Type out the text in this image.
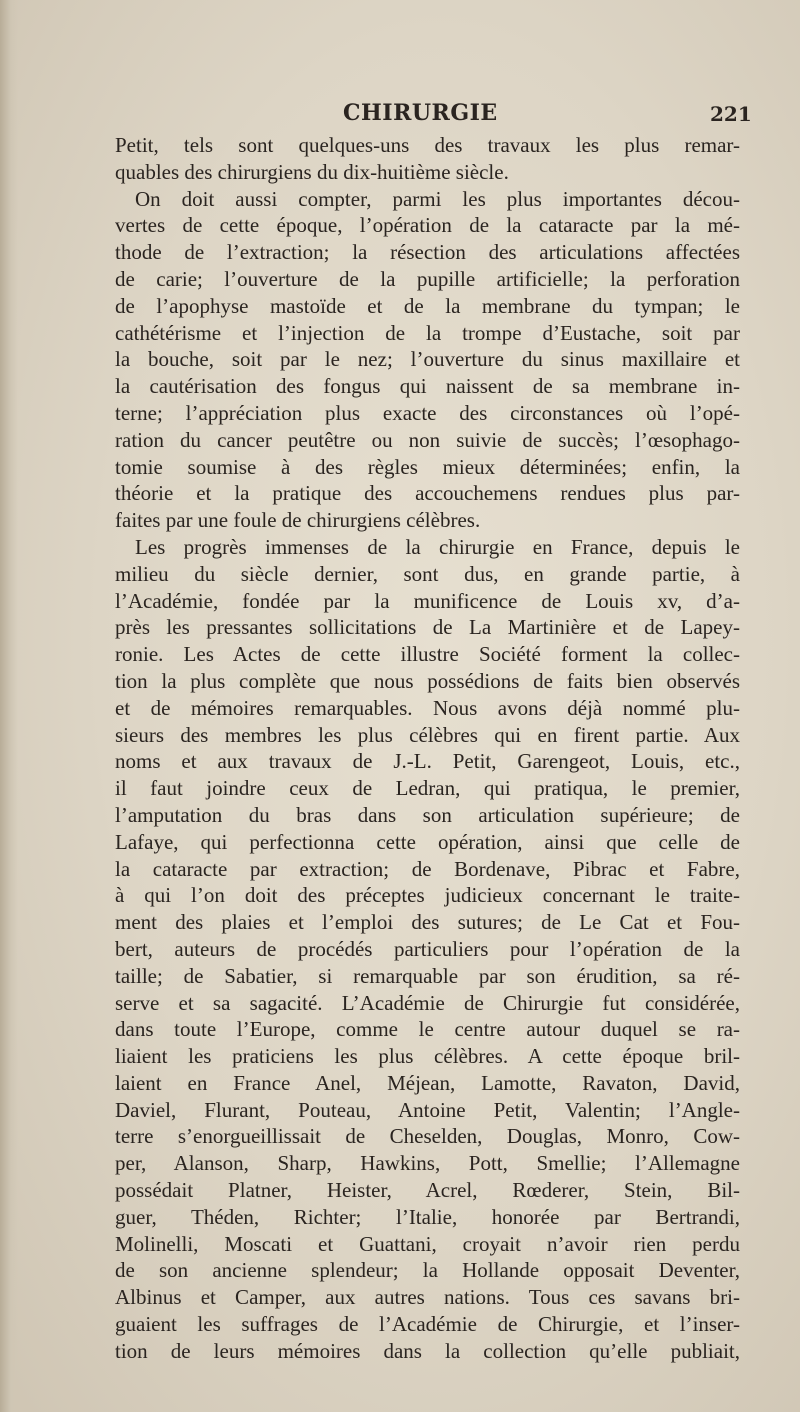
CHIRURGIE	221
Petit, tels sont quelques-uns des travaux les plus remar-
quables des chirurgiens du dix-huitième siècle.
On doit aussi compter, parmi les plus importantes décou-
vertes de cette époque, l’opération de la cataracte par la mé-
thode de l’extraction; la résection des articulations affectées
de carie; l’ouverture de la pupille artificielle; la perforation
de l’apophyse mastoïde et de la membrane du tympan; le
cathétérisme et l’injection de la trompe d’Eustache, soit par
la bouche, soit par le nez; l’ouverture du sinus maxillaire et
la cautérisation des fongus qui naissent de sa membrane in-
terne; l’appréciation plus exacte des circonstances où l’opé-
ration du cancer peutêtre ou non suivie de succès; l’œsophago-
tomie soumise à des règles mieux déterminées; enfin, la
théorie et la pratique des accouchemens rendues plus par-
faites par une foule de chirurgiens célèbres.
Les progrès immenses de la chirurgie en France, depuis le
milieu du siècle dernier, sont dus, en grande partie, à
l’Académie, fondée par la munificence de Louis xv, d’a-
près les pressantes sollicitations de La Martinière et de Lapey-
ronie. Les Actes de cette illustre Société forment la collec-
tion la plus complète que nous possédions de faits bien observés
et de mémoires remarquables. Nous avons déjà nommé plu-
sieurs des membres les plus célèbres qui en firent partie. Aux
noms et aux travaux de J.-L. Petit, Garengeot, Louis, etc.,
il faut joindre ceux de Ledran, qui pratiqua, le premier,
l’amputation du bras dans son articulation supérieure; de
Lafaye, qui perfectionna cette opération, ainsi que celle de
la cataracte par extraction; de Bordenave, Pibrac et Fabre,
à qui l’on doit des préceptes judicieux concernant le traite-
ment des plaies et l’emploi des sutures; de Le Cat et Fou-
bert, auteurs de procédés particuliers pour l’opération de la
taille; de Sabatier, si remarquable par son érudition, sa ré-
serve et sa sagacité. L’Académie de Chirurgie fut considérée,
dans toute l’Europe, comme le centre autour duquel se ra-
liaient les praticiens les plus célèbres. A cette époque bril-
laient en France Anel, Méjean, Lamotte, Ravaton, David,
Daviel, Flurant, Pouteau, Antoine Petit, Valentin; l’Angle-
terre s’enorgueillissait de Cheselden, Douglas, Monro, Cow-
per, Alanson, Sharp, Hawkins, Pott, Smellie; l’Allemagne
possédait Platner, Heister, Acrel, Rœderer, Stein, Bil-
guer, Théden, Richter; l’Italie, honorée par Bertrandi,
Molinelli, Moscati et Guattani, croyait n’avoir rien perdu
de son ancienne splendeur; la Hollande opposait Deventer,
Albinus et Camper, aux autres nations. Tous ces savans bri-
guaient les suffrages de l’Académie de Chirurgie, et l’inser-
tion de leurs mémoires dans la collection qu’elle publiait,
